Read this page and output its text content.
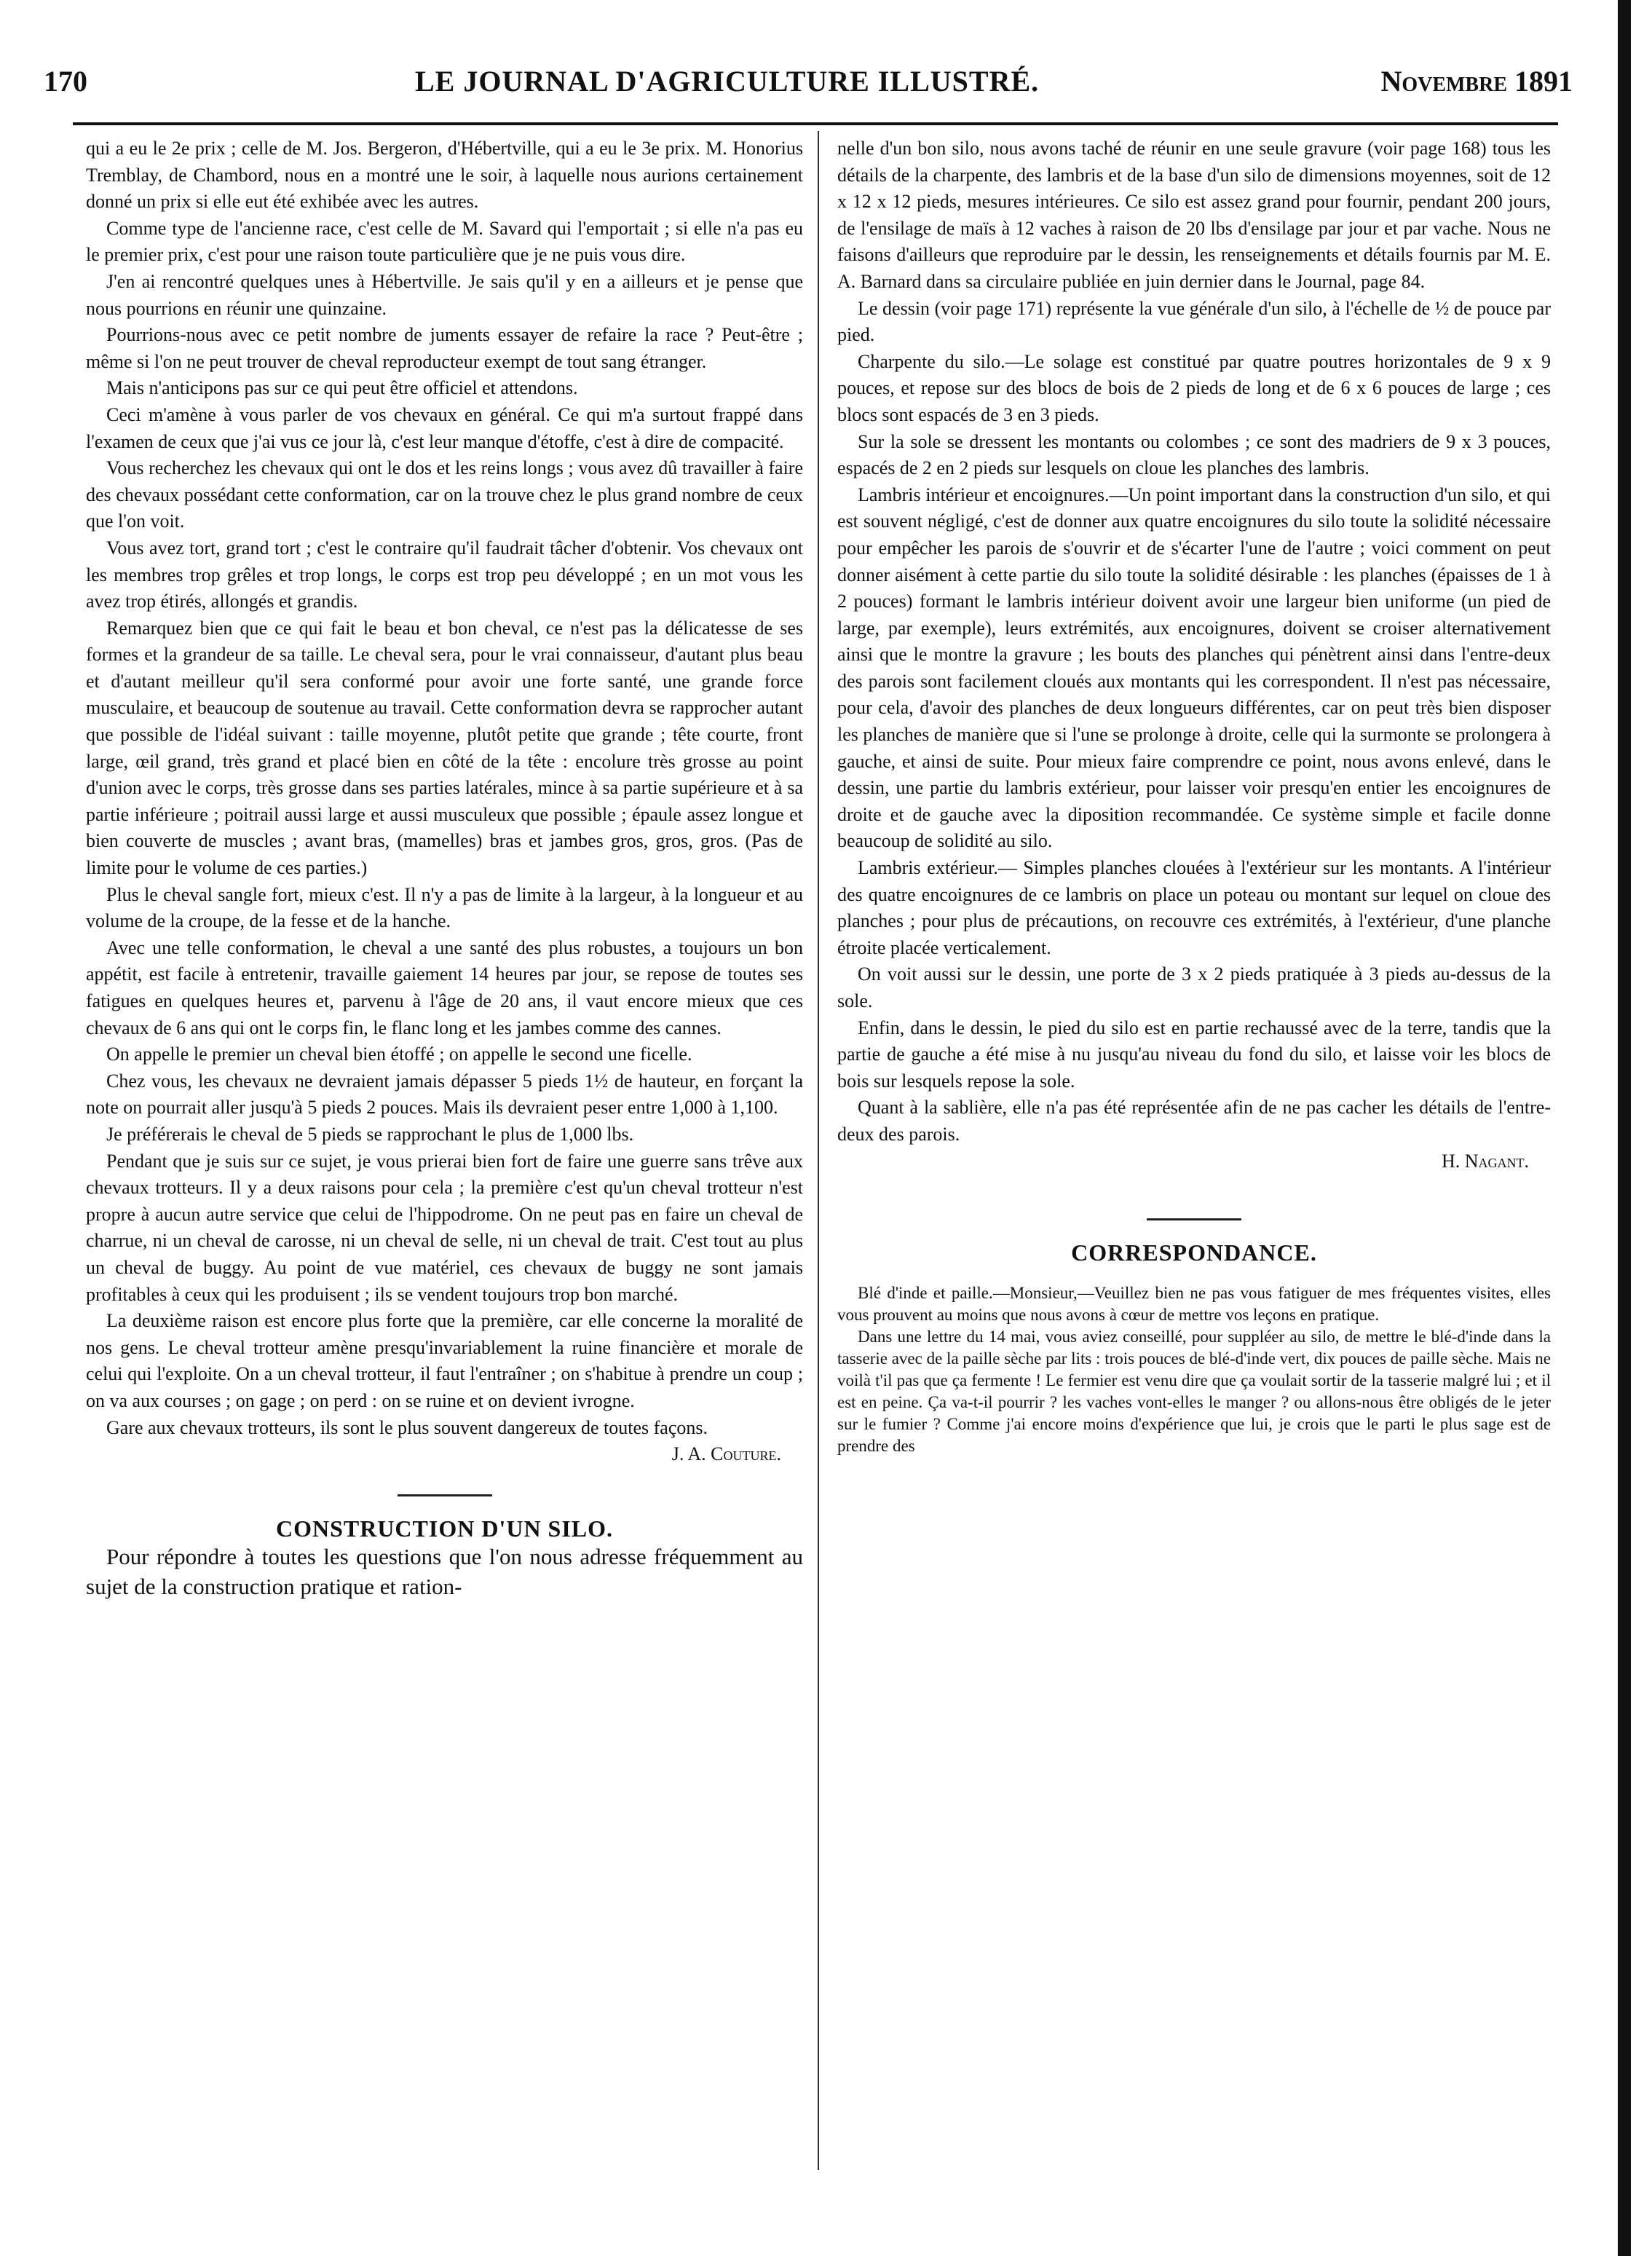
170	LE JOURNAL D'AGRICULTURE ILLUSTRÉ.	Novembre 1891

qui a eu le 2e prix ; celle de M. Jos. Bergeron, d'Hébertville, qui a eu le 3e prix. M. Honorius Tremblay, de Chambord, nous en a montré une le soir, à laquelle nous aurions certainement donné un prix si elle eut été exhibée avec les autres.

Comme type de l'ancienne race, c'est celle de M. Savard qui l'emportait ; si elle n'a pas eu le premier prix, c'est pour une raison toute particulière que je ne puis vous dire.

J'en ai rencontré quelques unes à Hébertville. Je sais qu'il y en a ailleurs et je pense que nous pourrions en réunir une quinzaine.

Pourrions-nous avec ce petit nombre de juments essayer de refaire la race ? Peut-être ; même si l'on ne peut trouver de cheval reproducteur exempt de tout sang étranger.

Mais n'anticipons pas sur ce qui peut être officiel et attendons.

Ceci m'amène à vous parler de vos chevaux en général. Ce qui m'a surtout frappé dans l'examen de ceux que j'ai vus ce jour là, c'est leur manque d'étoffe, c'est à dire de compacité.

Vous recherchez les chevaux qui ont le dos et les reins longs ; vous avez dû travailler à faire des chevaux possédant cette conformation, car on la trouve chez le plus grand nombre de ceux que l'on voit.

Vous avez tort, grand tort ; c'est le contraire qu'il faudrait tâcher d'obtenir. Vos chevaux ont les membres trop grêles et trop longs, le corps est trop peu développé ; en un mot vous les avez trop étirés, allongés et grandis.

Remarquez bien que ce qui fait le beau et bon cheval, ce n'est pas la délicatesse de ses formes et la grandeur de sa taille. Le cheval sera, pour le vrai connaisseur, d'autant plus beau et d'autant meilleur qu'il sera conformé pour avoir une forte santé, une grande force musculaire, et beaucoup de soutenue au travail. Cette conformation devra se rapprocher autant que possible de l'idéal suivant : taille moyenne, plutôt petite que grande ; tête courte, front large, œil grand, très grand et placé bien en côté de la tête : encolure très grosse au point d'union avec le corps, très grosse dans ses parties latérales, mince à sa partie supérieure et à sa partie inférieure ; poitrail aussi large et aussi musculeux que possible ; épaule assez longue et bien couverte de muscles ; avant bras, (mamelles) bras et jambes gros, gros, gros. (Pas de limite pour le volume de ces parties.)

Plus le cheval sangle fort, mieux c'est. Il n'y a pas de limite à la largeur, à la longueur et au volume de la croupe, de la fesse et de la hanche.

Avec une telle conformation, le cheval a une santé des plus robustes, a toujours un bon appétit, est facile à entretenir, travaille gaiement 14 heures par jour, se repose de toutes ses fatigues en quelques heures et, parvenu à l'âge de 20 ans, il vaut encore mieux que ces chevaux de 6 ans qui ont le corps fin, le flanc long et les jambes comme des cannes.

On appelle le premier un cheval bien étoffé ; on appelle le second une ficelle.

Chez vous, les chevaux ne devraient jamais dépasser 5 pieds 1½ de hauteur, en forçant la note on pourrait aller jusqu'à 5 pieds 2 pouces. Mais ils devraient peser entre 1,000 à 1,100.

Je préférerais le cheval de 5 pieds se rapprochant le plus de 1,000 lbs.

Pendant que je suis sur ce sujet, je vous prierai bien fort de faire une guerre sans trêve aux chevaux trotteurs. Il y a deux raisons pour cela ; la première c'est qu'un cheval trotteur n'est propre à aucun autre service que celui de l'hippodrome. On ne peut pas en faire un cheval de charrue, ni un cheval de carosse, ni un cheval de selle, ni un cheval de trait. C'est tout au plus un cheval de buggy. Au point de vue matériel, ces chevaux de buggy ne sont jamais profitables à ceux qui les produisent ; ils se vendent toujours trop bon marché.

La deuxième raison est encore plus forte que la première, car elle concerne la moralité de nos gens. Le cheval trotteur amène presqu'invariablement la ruine financière et morale de celui qui l'exploite. On a un cheval trotteur, il faut l'entraîner ; on s'habitue à prendre un coup ; on va aux courses ; on gage ; on perd : on se ruine et on devient ivrogne.

Gare aux chevaux trotteurs, ils sont le plus souvent dangereux de toutes façons.

J. A. Couture.

CONSTRUCTION D'UN SILO.

Pour répondre à toutes les questions que l'on nous adresse fréquemment au sujet de la construction pratique et ration-

nelle d'un bon silo, nous avons taché de réunir en une seule gravure (voir page 168) tous les détails de la charpente, des lambris et de la base d'un silo de dimensions moyennes, soit de 12 x 12 x 12 pieds, mesures intérieures. Ce silo est assez grand pour fournir, pendant 200 jours, de l'ensilage de maïs à 12 vaches à raison de 20 lbs d'ensilage par jour et par vache. Nous ne faisons d'ailleurs que reproduire par le dessin, les renseignements et détails fournis par M. E. A. Barnard dans sa circulaire publiée en juin dernier dans le Journal, page 84.

Le dessin (voir page 171) représente la vue générale d'un silo, à l'échelle de ½ de pouce par pied.

Charpente du silo.—Le solage est constitué par quatre poutres horizontales de 9 x 9 pouces, et repose sur des blocs de bois de 2 pieds de long et de 6 x 6 pouces de large ; ces blocs sont espacés de 3 en 3 pieds.

Sur la sole se dressent les montants ou colombes ; ce sont des madriers de 9 x 3 pouces, espacés de 2 en 2 pieds sur lesquels on cloue les planches des lambris.

Lambris intérieur et encoignures.—Un point important dans la construction d'un silo, et qui est souvent négligé, c'est de donner aux quatre encoignures du silo toute la solidité nécessaire pour empêcher les parois de s'ouvrir et de s'écarter l'une de l'autre ; voici comment on peut donner aisément à cette partie du silo toute la solidité désirable : les planches (épaisses de 1 à 2 pouces) formant le lambris intérieur doivent avoir une largeur bien uniforme (un pied de large, par exemple), leurs extrémités, aux encoignures, doivent se croiser alternativement ainsi que le montre la gravure ; les bouts des planches qui pénètrent ainsi dans l'entre-deux des parois sont facilement cloués aux montants qui les correspondent. Il n'est pas nécessaire, pour cela, d'avoir des planches de deux longueurs différentes, car on peut très bien disposer les planches de manière que si l'une se prolonge à droite, celle qui la surmonte se prolongera à gauche, et ainsi de suite. Pour mieux faire comprendre ce point, nous avons enlevé, dans le dessin, une partie du lambris extérieur, pour laisser voir presqu'en entier les encoignures de droite et de gauche avec la diposition recommandée. Ce système simple et facile donne beaucoup de solidité au silo.

Lambris extérieur.— Simples planches clouées à l'extérieur sur les montants. A l'intérieur des quatre encoignures de ce lambris on place un poteau ou montant sur lequel on cloue des planches ; pour plus de précautions, on recouvre ces extrémités, à l'extérieur, d'une planche étroite placée verticalement.

On voit aussi sur le dessin, une porte de 3 x 2 pieds pratiquée à 3 pieds au-dessus de la sole.

Enfin, dans le dessin, le pied du silo est en partie rechaussé avec de la terre, tandis que la partie de gauche a été mise à nu jusqu'au niveau du fond du silo, et laisse voir les blocs de bois sur lesquels repose la sole.

Quant à la sablière, elle n'a pas été représentée afin de ne pas cacher les détails de l'entre-deux des parois.

H. Nagant.

CORRESPONDANCE.

Blé d'inde et paille.—Monsieur,—Veuillez bien ne pas vous fatiguer de mes fréquentes visites, elles vous prouvent au moins que nous avons à cœur de mettre vos leçons en pratique.

Dans une lettre du 14 mai, vous aviez conseillé, pour suppléer au silo, de mettre le blé-d'inde dans la tasserie avec de la paille sèche par lits : trois pouces de blé-d'inde vert, dix pouces de paille sèche. Mais ne voilà t'il pas que ça fermente ! Le fermier est venu dire que ça voulait sortir de la tasserie malgré lui ; et il est en peine. Ça va-t-il pourrir ? les vaches vont-elles le manger ? ou allons-nous être obligés de le jeter sur le fumier ? Comme j'ai encore moins d'expérience que lui, je crois que le parti le plus sage est de prendre des
